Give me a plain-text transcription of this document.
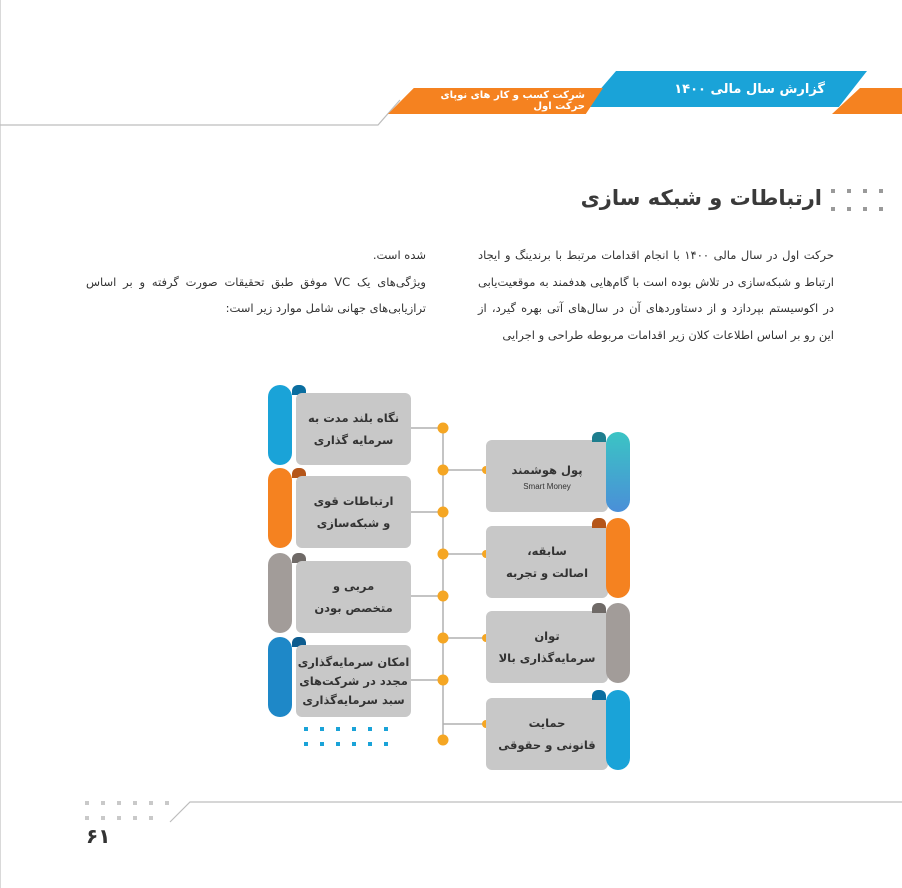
گزارش سال مالی ۱۴۰۰
شرکت کسب و کار های نوپای حرکت اول
ارتباطات و شبکه سازی
حرکت اول در سال مالی ۱۴۰۰ با انجام اقدامات مرتبط با برندینگ و ایجاد ارتباط و شبکه‌سازی در تلاش بوده است با گام‌هایی هدفمند به موقعیت‌یابی در اکوسیستم بپردازد و از دستاوردهای آن در سال‌های آتی بهره گیرد، از این رو بر اساس اطلاعات کلان زیر اقدامات مربوطه طراحی و اجرایی
شده است.
ویژگی‌های یک VC موفق طبق تحقیقات صورت گرفته و بر اساس ترازیابی‌های جهانی شامل موارد زیر است:
نگاه بلند مدت به
سرمایه گذاری
ارتباطات قوی
و شبکه‌سازی
مربی و
متخصص بودن
امکان سرمایه‌گذاری
مجدد در شرکت‌های
سبد سرمایه‌گذاری
پول هوشمند
Smart Money
سابقه،
اصالت و تجربه
توان
سرمایه‌گذاری بالا
حمایت
قانونی و حقوقی
۶۱
